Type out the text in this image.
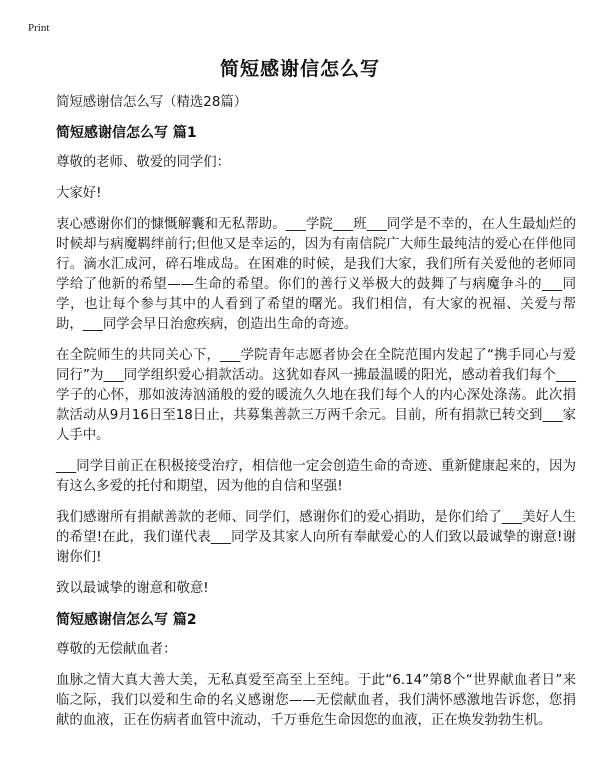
Print
简短感谢信怎么写

简短感谢信怎么写（精选28篇）

简短感谢信怎么写 篇1

尊敬的老师、敬爱的同学们：

大家好!

衷心感谢你们的慷慨解囊和无私帮助。___学院___班___同学是不幸的，在人生最灿烂的时候却与病魔羁绊前行;但他又是幸运的，因为有南信院广大师生最纯洁的爱心在伴他同行。滴水汇成河，碎石堆成岛。在困难的时候，是我们大家，我们所有关爱他的老师同学给了他新的希望——生命的希望。你们的善行义举极大的鼓舞了与病魔争斗的___同学，也让每个参与其中的人看到了希望的曙光。我们相信，有大家的祝福、关爱与帮助，___同学会早日治愈疾病，创造出生命的奇迹。

在全院师生的共同关心下，___学院青年志愿者协会在全院范围内发起了“携手同心与爱同行”为___同学组织爱心捐款活动。这犹如春风一拂最温暖的阳光，感动着我们每个___学子的心怀，那如波涛汹涌般的爱的暖流久久地在我们每个人的内心深处涤荡。此次捐款活动从9月16日至18日止，共募集善款三万两千余元。目前，所有捐款已转交到___家人手中。

___同学目前正在积极接受治疗，相信他一定会创造生命的奇迹、重新健康起来的，因为有这么多爱的托付和期望，因为他的自信和坚强!

我们感谢所有捐献善款的老师、同学们，感谢你们的爱心捐助，是你们给了___美好人生的希望!在此，我们谨代表___同学及其家人向所有奉献爱心的人们致以最诚挚的谢意!谢谢你们!

致以最诚挚的谢意和敬意!

简短感谢信怎么写 篇2

尊敬的无偿献血者：

血脉之情大真大善大美，无私真爱至高至上至纯。于此“6.14”第8个“世界献血者日”来临之际，我们以爱和生命的名义感谢您——无偿献血者，我们满怀感激地告诉您，您捐献的血液，正在伤病者血管中流动，千万垂危生命因您的血液，正在焕发勃勃生机。
